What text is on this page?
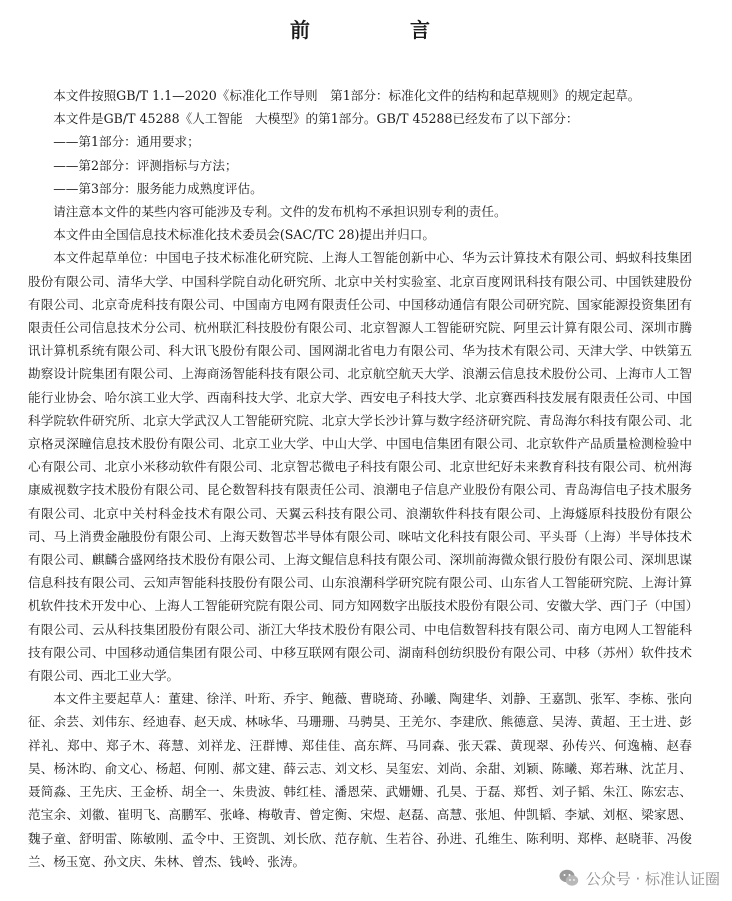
前　言

本文件按照GB/T 1.1—2020《标准化工作导则　第1部分：标准化文件的结构和起草规则》的规定起草。

本文件是GB/T 45288《人工智能　大模型》的第1部分。GB/T 45288已经发布了以下部分：

——第1部分：通用要求；

——第2部分：评测指标与方法；

——第3部分：服务能力成熟度评估。

请注意本文件的某些内容可能涉及专利。文件的发布机构不承担识别专利的责任。

本文件由全国信息技术标准化技术委员会(SAC/TC 28)提出并归口。

本文件起草单位：中国电子技术标准化研究院、上海人工智能创新中心、华为云计算技术有限公司、蚂蚁科技集团股份有限公司、清华大学、中国科学院自动化研究所、北京中关村实验室、北京百度网讯科技有限公司、中国铁建股份有限公司、北京奇虎科技有限公司、中国南方电网有限责任公司、中国移动通信有限公司研究院、国家能源投资集团有限责任公司信息技术分公司、杭州联汇科技股份有限公司、北京智源人工智能研究院、阿里云计算有限公司、深圳市腾讯计算机系统有限公司、科大讯飞股份有限公司、国网湖北省电力有限公司、华为技术有限公司、天津大学、中铁第五勘察设计院集团有限公司、上海商汤智能科技有限公司、北京航空航天大学、浪潮云信息技术股份公司、上海市人工智能行业协会、哈尔滨工业大学、西南科技大学、北京大学、西安电子科技大学、北京赛西科技发展有限责任公司、中国科学院软件研究所、北京大学武汉人工智能研究院、北京大学长沙计算与数字经济研究院、青岛海尔科技有限公司、北京格灵深瞳信息技术股份有限公司、北京工业大学、中山大学、中国电信集团有限公司、北京软件产品质量检测检验中心有限公司、北京小米移动软件有限公司、北京智芯微电子科技有限公司、北京世纪好未来教育科技有限公司、杭州海康威视数字技术股份有限公司、昆仑数智科技有限责任公司、浪潮电子信息产业股份有限公司、青岛海信电子技术服务有限公司、北京中关村科金技术有限公司、天翼云科技有限公司、浪潮软件科技有限公司、上海燧原科技股份有限公司、马上消费金融股份有限公司、上海天数智芯半导体有限公司、咪咕文化科技有限公司、平头哥（上海）半导体技术有限公司、麒麟合盛网络技术股份有限公司、上海文鲲信息科技有限公司、深圳前海微众银行股份有限公司、深圳思谋信息科技有限公司、云知声智能科技股份有限公司、山东浪潮科学研究院有限公司、山东省人工智能研究院、上海计算机软件技术开发中心、上海人工智能研究院有限公司、同方知网数字出版技术股份有限公司、安徽大学、西门子（中国）有限公司、云从科技集团股份有限公司、浙江大华技术股份有限公司、中电信数智科技有限公司、南方电网人工智能科技有限公司、中国移动通信集团有限公司、中移互联网有限公司、湖南科创纺织股份有限公司、中移（苏州）软件技术有限公司、西北工业大学。

本文件主要起草人：董建、徐洋、叶珩、乔宇、鲍薇、曹晓琦、孙曦、陶建华、刘静、王嘉凯、张军、李栋、张向征、余芸、刘伟东、经迪春、赵天成、林咏华、马珊珊、马骋昊、王羌尔、李建欣、熊德意、吴涛、黄超、王士进、彭祥礼、郑中、郑子木、蒋慧、刘祥龙、汪群博、郑佳佳、高东辉、马同森、张天霖、黄现翠、孙传兴、何逸楠、赵春昊、杨沐昀、俞文心、杨超、何刚、郝文建、薛云志、刘文杉、吴玺宏、刘尚、余甜、刘颖、陈曦、郑若琳、沈芷月、聂简淼、王先庆、王金桥、胡全一、朱贵波、韩红桂、潘恩荣、武姗姗、孔昊、于磊、郑哲、刘子韬、朱江、陈宏志、范宝余、刘徽、崔明飞、高鹏军、张峰、梅敬青、曾定衡、宋煜、赵磊、高慧、张旭、仲凯韬、李斌、刘枢、梁家恩、魏子童、舒明雷、陈敏刚、孟令中、王资凯、刘长欣、范存航、生若谷、孙进、孔维生、陈利明、郑桦、赵晓菲、冯俊兰、杨玉宽、孙文庆、朱林、曾杰、钱岭、张涛。

公众号 · 标准认证圈
